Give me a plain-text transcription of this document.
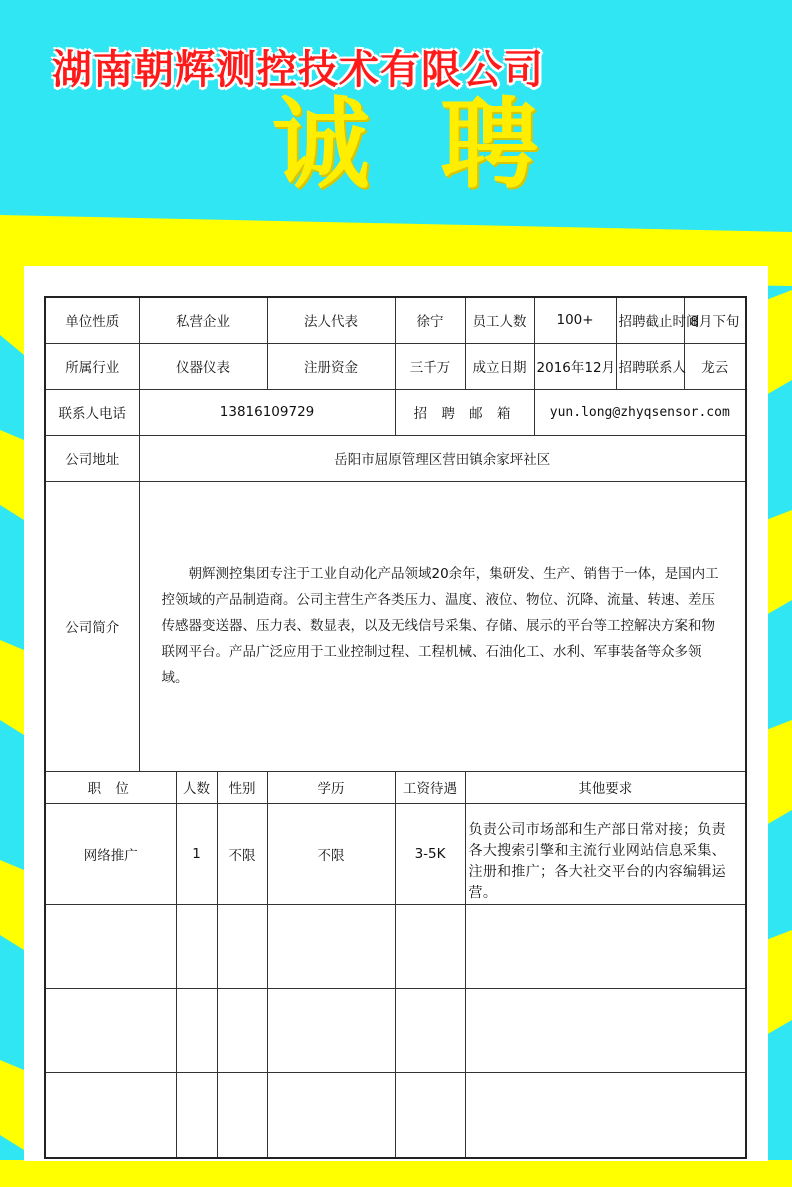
湖南朝辉测控技术有限公司
诚 聘
单位性质	私营企业			法人代表	徐宁	员工人数	100+	招聘截止时间	8月下旬
所属行业	仪器仪表			注册资金	三千万	成立日期	2016年12月	招聘联系人	龙云
联系人电话	13816109729				招 聘 邮 箱		yun.long@zhyqsensor.com		
公司地址	岳阳市屈原管理区营田镇余家坪社区								
公司简介	朝辉测控集团专注于工业自动化产品领域20余年，集研发、生产、销售于一体，是国内工控领域的产品制造商。公司主营生产各类压力、温度、液位、物位、沉降、流量、转速、差压传感器变送器、压力表、数显表，以及无线信号采集、存储、展示的平台等工控解决方案和物联网平台。产品广泛应用于工业控制过程、工程机械、石油化工、水利、军事装备等众多领域。								

职 位		人数	性别	学历	工资待遇	其他要求			
网络推广		1	不限	不限	3-5K	负责公司市场部和生产部日常对接；负责各大搜索引擎和主流行业网站信息采集、注册和推广；各大社交平台的内容编辑运营。			
